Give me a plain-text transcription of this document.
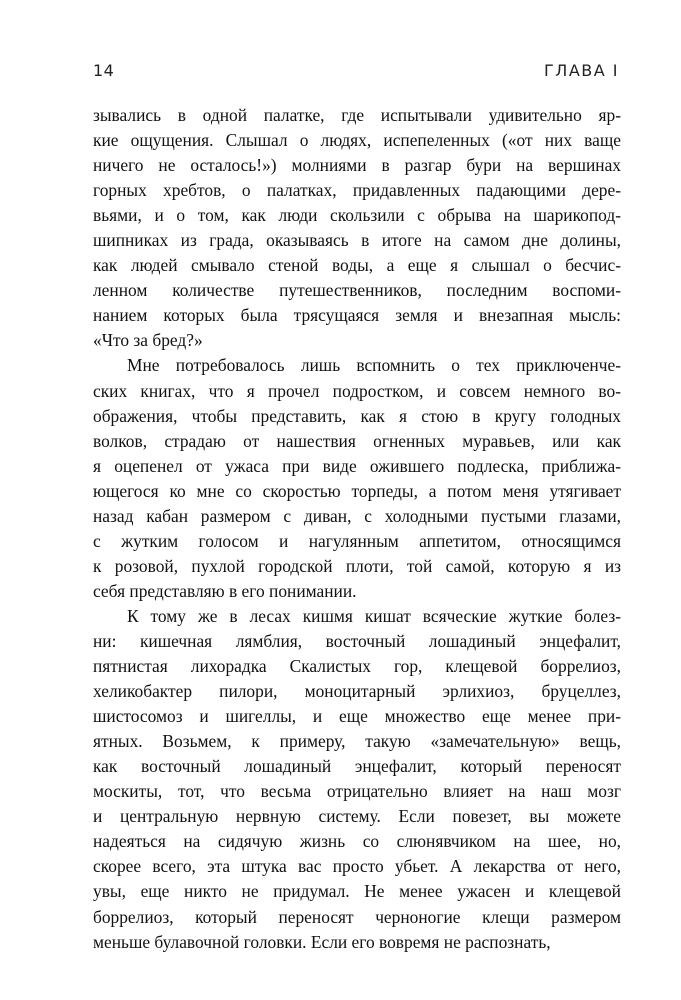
14	ГЛАВА I
зывались в одной палатке, где испытывали удивительно яр-
кие ощущения. Слышал о людях, испепеленных («от них ваще
ничего не осталось!») молниями в разгар бури на вершинах
горных хребтов, о палатках, придавленных падающими дере-
вьями, и о том, как люди скользили с обрыва на шарикопод-
шипниках из града, оказываясь в итоге на самом дне долины,
как людей смывало стеной воды, а еще я слышал о бесчис-
ленном количестве путешественников, последним воспоми-
нанием которых была трясущаяся земля и внезапная мысль:
«Что за бред?»
Мне потребовалось лишь вспомнить о тех приключенче-
ских книгах, что я прочел подростком, и совсем немного во-
ображения, чтобы представить, как я стою в кругу голодных
волков, страдаю от нашествия огненных муравьев, или как
я оцепенел от ужаса при виде ожившего подлеска, приближа-
ющегося ко мне со скоростью торпеды, а потом меня утягивает
назад кабан размером с диван, с холодными пустыми глазами,
с жутким голосом и нагулянным аппетитом, относящимся
к розовой, пухлой городской плоти, той самой, которую я из
себя представляю в его понимании.
К тому же в лесах кишмя кишат всяческие жуткие болез-
ни: кишечная лямблия, восточный лошадиный энцефалит,
пятнистая лихорадка Скалистых гор, клещевой боррелиоз,
хеликобактер пилори, моноцитарный эрлихиоз, бруцеллез,
шистосомоз и шигеллы, и еще множество еще менее при-
ятных. Возьмем, к примеру, такую «замечательную» вещь,
как восточный лошадиный энцефалит, который переносят
москиты, тот, что весьма отрицательно влияет на наш мозг
и центральную нервную систему. Если повезет, вы можете
надеяться на сидячую жизнь со слюнявчиком на шее, но,
скорее всего, эта штука вас просто убьет. А лекарства от него,
увы, еще никто не придумал. Не менее ужасен и клещевой
боррелиоз, который переносят черноногие клещи размером
меньше булавочной головки. Если его вовремя не распознать,
